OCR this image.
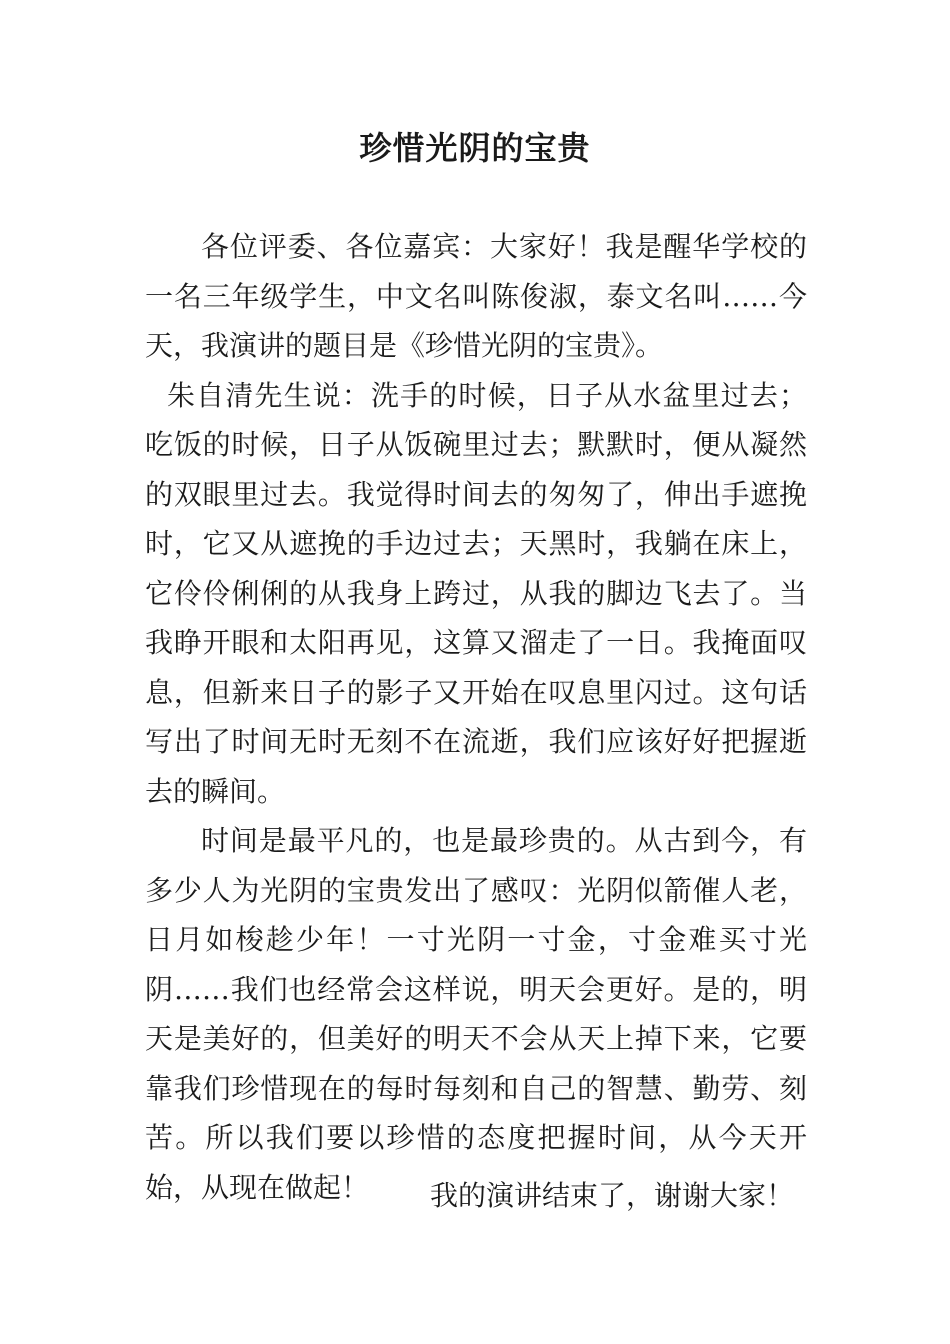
珍惜光阴的宝贵

各位评委、各位嘉宾：大家好！我是醒华学校的一名三年级学生，中文名叫陈俊淑，泰文名叫……今天，我演讲的题目是《珍惜光阴的宝贵》。

朱自清先生说：洗手的时候，日子从水盆里过去；吃饭的时候，日子从饭碗里过去；默默时，便从凝然的双眼里过去。我觉得时间去的匆匆了，伸出手遮挽时，它又从遮挽的手边过去；天黑时，我躺在床上，它伶伶俐俐的从我身上跨过，从我的脚边飞去了。当我睁开眼和太阳再见，这算又溜走了一日。我掩面叹息，但新来日子的影子又开始在叹息里闪过。这句话写出了时间无时无刻不在流逝，我们应该好好把握逝去的瞬间。

时间是最平凡的，也是最珍贵的。从古到今，有多少人为光阴的宝贵发出了感叹：光阴似箭催人老，日月如梭趁少年！一寸光阴一寸金，寸金难买寸光阴……我们也经常会这样说，明天会更好。是的，明天是美好的，但美好的明天不会从天上掉下来，它要靠我们珍惜现在的每时每刻和自己的智慧、勤劳、刻苦。所以我们要以珍惜的态度把握时间，从今天开始，从现在做起！	我的演讲结束了，谢谢大家！
